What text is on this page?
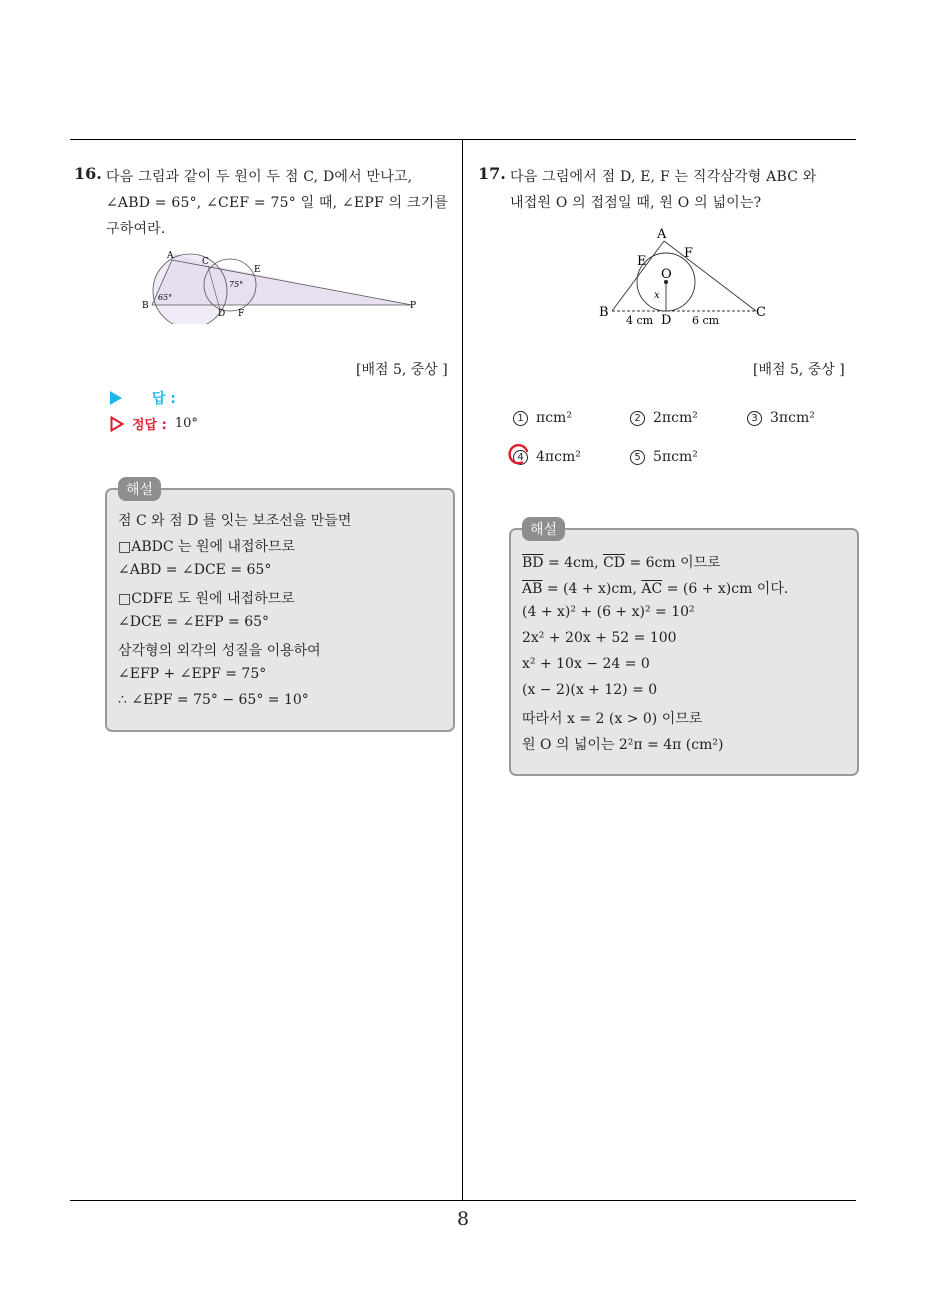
16. 다음 그림과 같이 두 원이 두 점 C, D에서 만나고,
∠ABD = 65°, ∠CEF = 75° 일 때, ∠EPF 의 크기를
구하여라.
A
B
C
D
E
F
P
65°
75°
[배점 5, 중상 ]
답 :
정답 : 10°
해설
점 C 와 점 D 를 잇는 보조선을 만들면
□ABDC 는 원에 내접하므로
∠ABD = ∠DCE = 65°
□CDFE 도 원에 내접하므로
∠DCE = ∠EFP = 65°
삼각형의 외각의 성질을 이용하여
∠EFP + ∠EPF = 75°
∴ ∠EPF = 75° − 65° = 10°
17. 다음 그림에서 점 D, E, F 는 직각삼각형 ABC 와
내접원 O 의 접점일 때, 원 O 의 넓이는?
A
B	C
D
E
F
O
x
4 cm	6 cm
[배점 5, 중상 ]
1 πcm²	2 2πcm²	3 3πcm²
4 4πcm²	5 5πcm²
해설
$\overline{BD} = 4cm$, $\overline{CD} = 6cm$ 이므로
$\overline{AB} = (4 + x)cm$, $\overline{AC} = (6 + x)cm$ 이다.
(4 + x)² + (6 + x)² = 10²
2x² + 20x + 52 = 100
x² + 10x − 24 = 0
(x − 2)(x + 12) = 0
따라서 x = 2 (x > 0) 이므로
원 O 의 넓이는 2²π = 4π (cm²)
8
